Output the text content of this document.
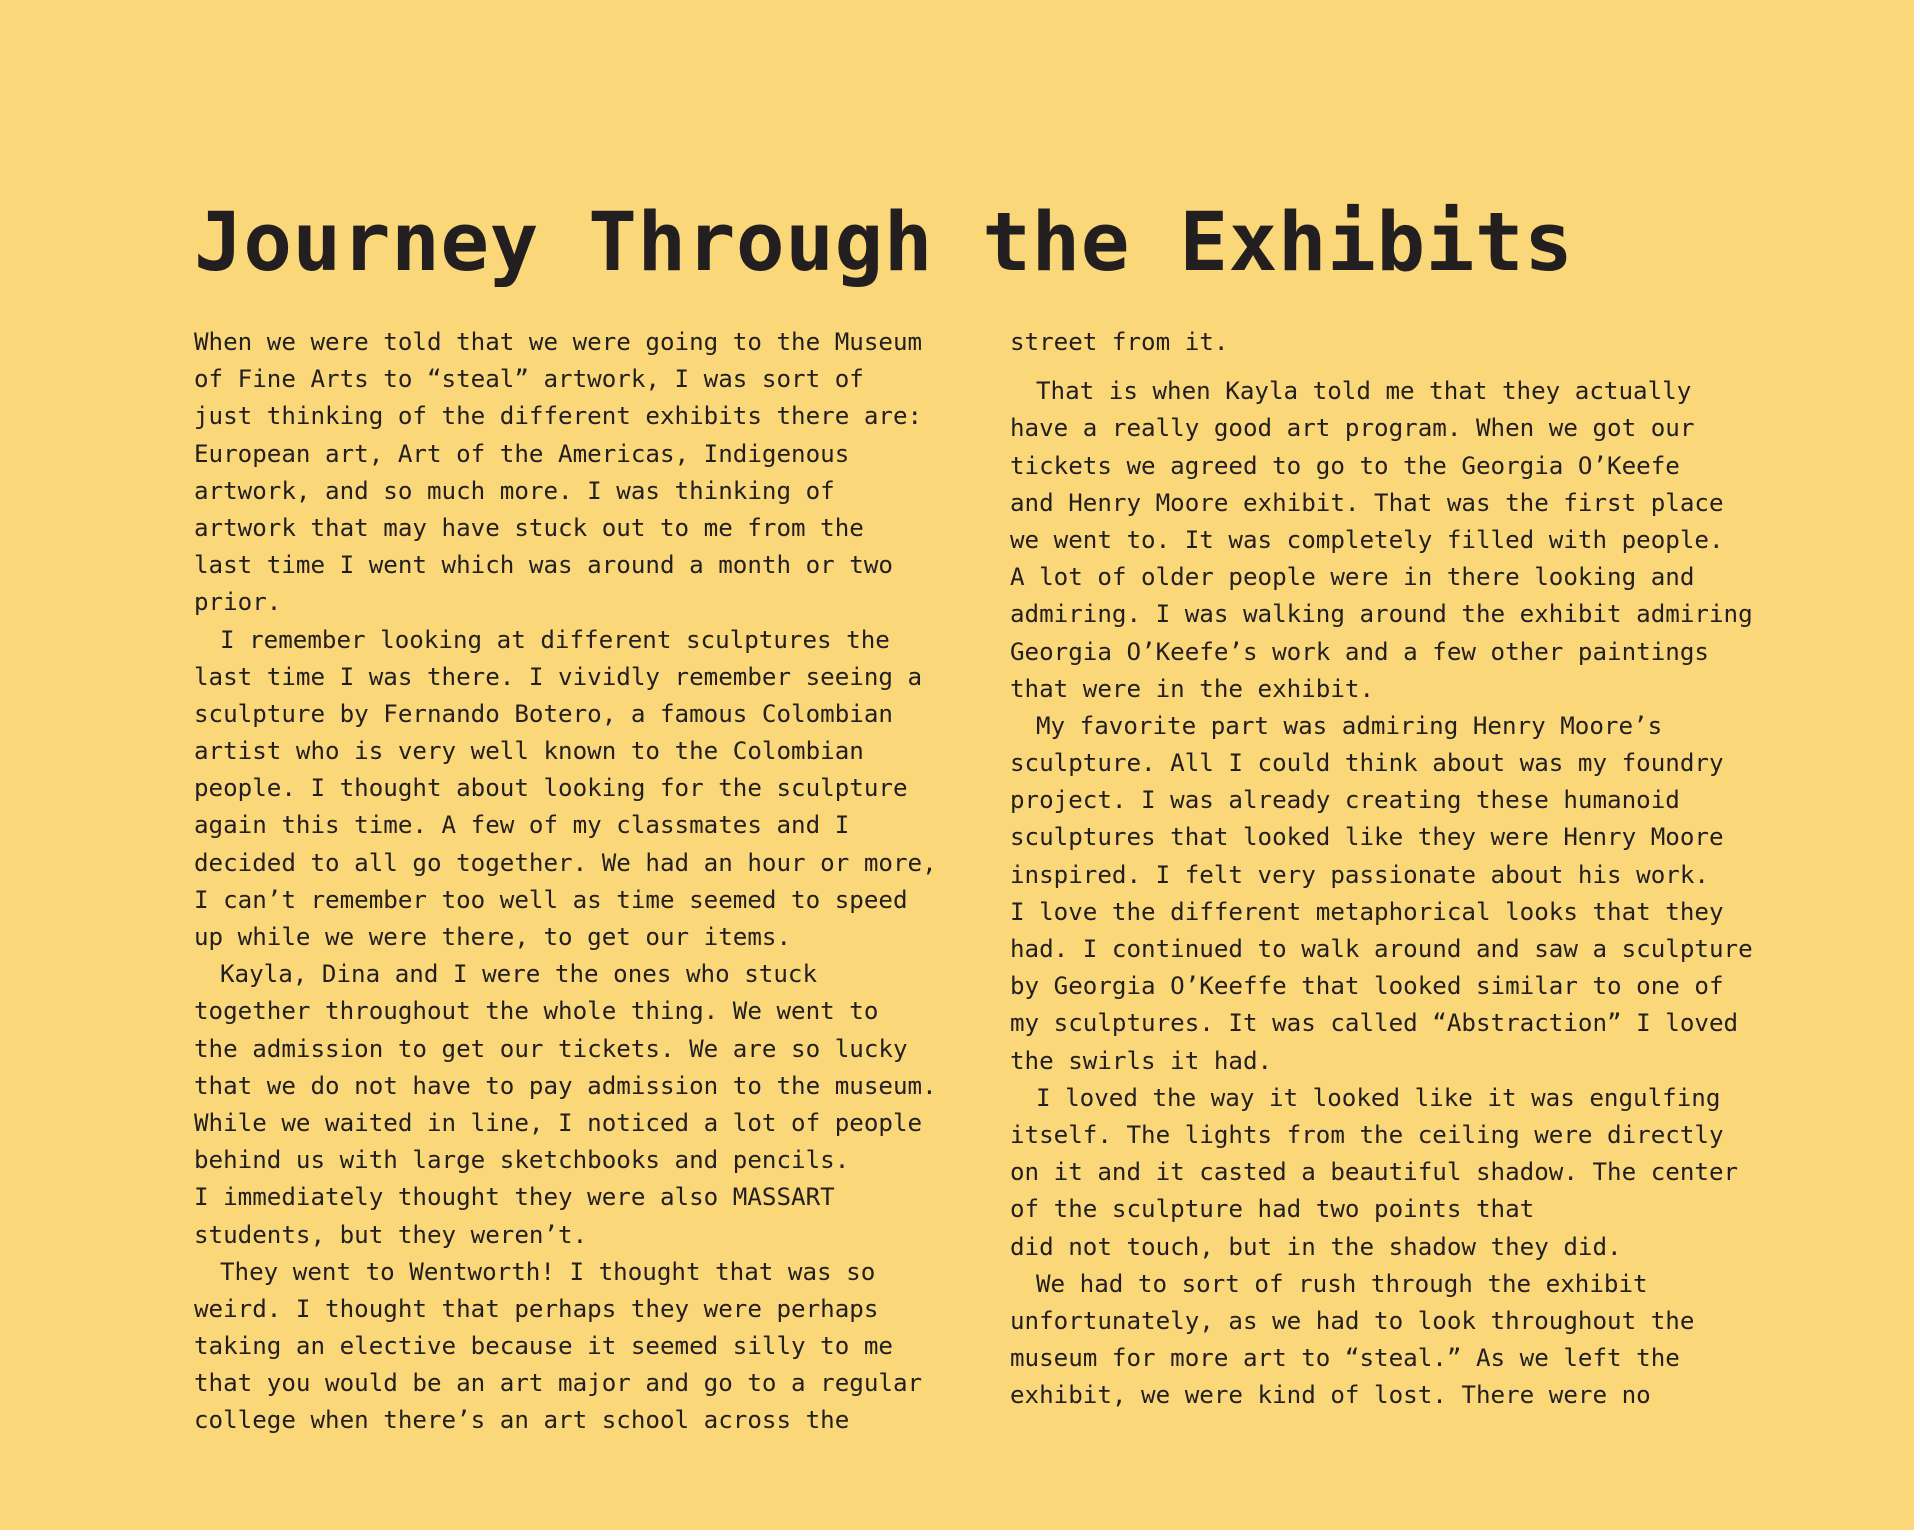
Journey Through the Exhibits
When we were told that we were going to the Museum
of Fine Arts to “steal” artwork, I was sort of
just thinking of the different exhibits there are:
European art, Art of the Americas, Indigenous
artwork, and so much more. I was thinking of
artwork that may have stuck out to me from the
last time I went which was around a month or two
prior.
I remember looking at different sculptures the
last time I was there. I vividly remember seeing a
sculpture by Fernando Botero, a famous Colombian
artist who is very well known to the Colombian
people. I thought about looking for the sculpture
again this time. A few of my classmates and I
decided to all go together. We had an hour or more,
I can’t remember too well as time seemed to speed
up while we were there, to get our items.
Kayla, Dina and I were the ones who stuck
together throughout the whole thing. We went to
the admission to get our tickets. We are so lucky
that we do not have to pay admission to the museum.
While we waited in line, I noticed a lot of people
behind us with large sketchbooks and pencils.
I immediately thought they were also MASSART
students, but they weren’t.
They went to Wentworth! I thought that was so
weird. I thought that perhaps they were perhaps
taking an elective because it seemed silly to me
that you would be an art major and go to a regular
college when there’s an art school across the
street from it.
That is when Kayla told me that they actually
have a really good art program. When we got our
tickets we agreed to go to the Georgia O’Keefe
and Henry Moore exhibit. That was the first place
we went to. It was completely filled with people.
A lot of older people were in there looking and
admiring. I was walking around the exhibit admiring
Georgia O’Keefe’s work and a few other paintings
that were in the exhibit.
My favorite part was admiring Henry Moore’s
sculpture. All I could think about was my foundry
project. I was already creating these humanoid
sculptures that looked like they were Henry Moore
inspired. I felt very passionate about his work.
I love the different metaphorical looks that they
had. I continued to walk around and saw a sculpture
by Georgia O’Keeffe that looked similar to one of
my sculptures. It was called “Abstraction” I loved
the swirls it had.
I loved the way it looked like it was engulfing
itself. The lights from the ceiling were directly
on it and it casted a beautiful shadow. The center
of the sculpture had two points that
did not touch, but in the shadow they did.
We had to sort of rush through the exhibit
unfortunately, as we had to look throughout the
museum for more art to “steal.” As we left the
exhibit, we were kind of lost. There were no
